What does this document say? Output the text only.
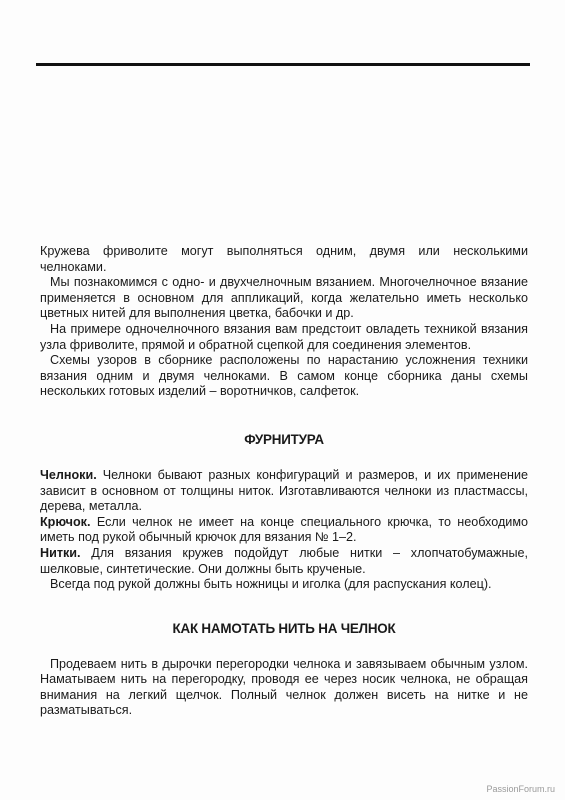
Кружева фриволите могут выполняться одним, двумя или несколькими челноками.

Мы познакомимся с одно- и двухчелночным вязанием. Многочелночное вязание применяется в основном для аппликаций, когда желательно иметь несколько цветных нитей для выполнения цветка, бабочки и др.

На примере одночелночного вязания вам предстоит овладеть техникой вязания узла фриволите, прямой и обратной сцепкой для соединения элементов.

Схемы узоров в сборнике расположены по нарастанию усложнения техники вязания одним и двумя челноками. В самом конце сборника даны схемы нескольких готовых изделий – воротничков, салфеток.

ФУРНИТУРА

Челноки. Челноки бывают разных конфигураций и размеров, и их применение зависит в основном от толщины ниток. Изготавливаются челноки из пластмассы, дерева, металла.

Крючок. Если челнок не имеет на конце специального крючка, то необходимо иметь под рукой обычный крючок для вязания № 1–2.

Нитки. Для вязания кружев подойдут любые нитки – хлопчатобумажные, шелковые, синтетические. Они должны быть кручeные.

Всегда под рукой должны быть ножницы и иголка (для распускания колец).

КАК НАМОТАТЬ НИТЬ НА ЧЕЛНОК

Продеваем нить в дырочки перегородки челнока и завязываем обычным узлом. Наматываем нить на перегородку, проводя ее через носик челнока, не обращая внимания на легкий щелчок. Полный челнок должен висеть на нитке и не разматываться.

PassionForum.ru
